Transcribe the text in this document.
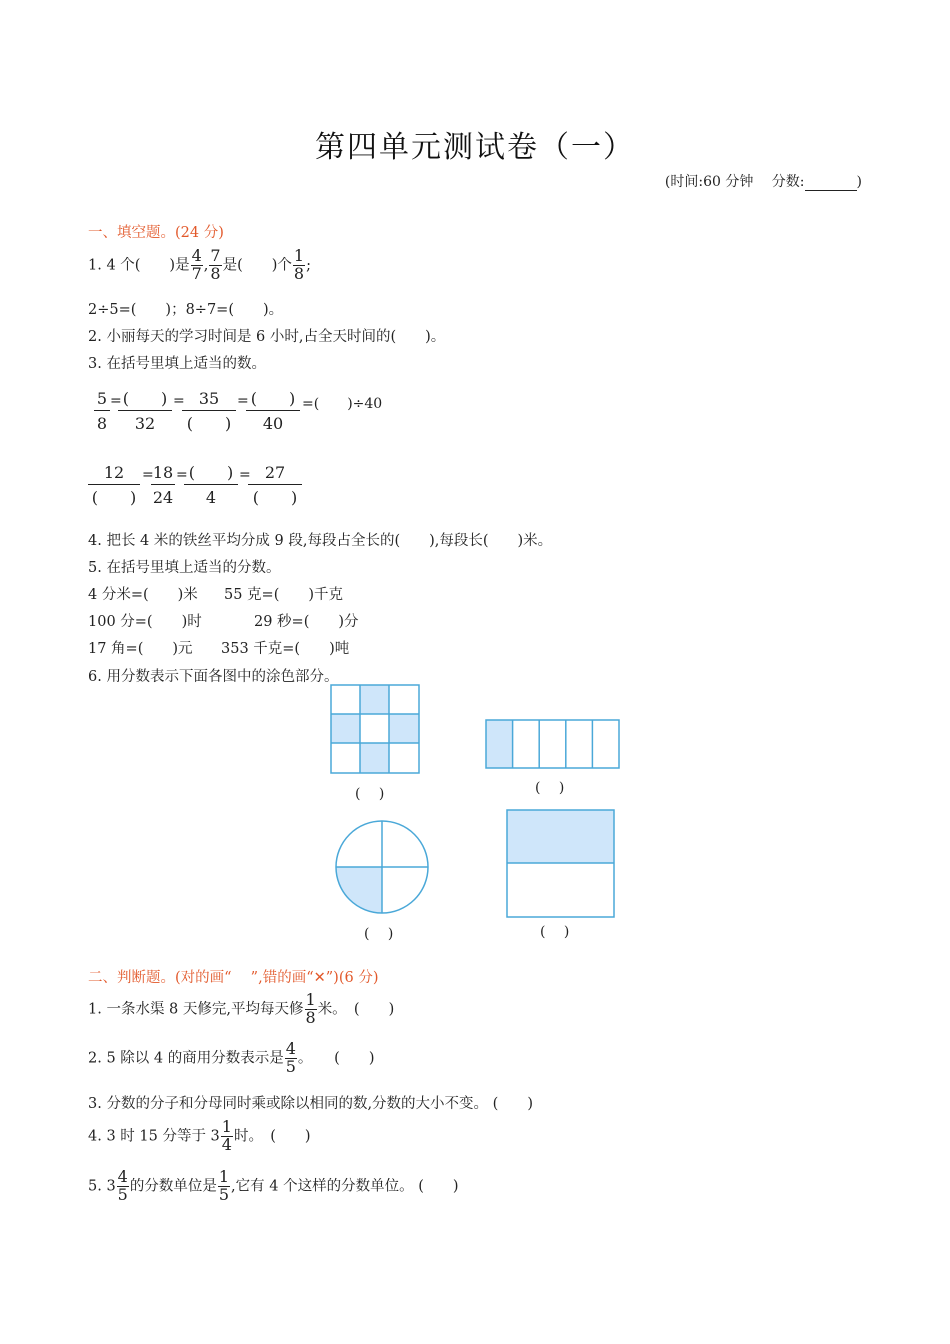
第四单元测试卷（一）
(时间:60 分钟　 分数:	)
一、填空题。(24 分)
1. 4 个(　　)是 $\frac{4}{7}$ , $\frac{7}{8}$ 是(　　)个 $\frac{1}{8}$ ;
2÷5=(　　)；8÷7=(　　)。
2. 小丽每天的学习时间是 6 小时,占全天时间的(　　)。
3. 在括号里填上适当的数。
$\frac{5}{8}$ = (　　)
32
= 35
(　　)
= (　　)
40
=(　　)÷40
12
(　　)
=
$\frac{18}{24}$ = (　　)
4
= 27
(　　)
4. 把长 4 米的铁丝平均分成 9 段,每段占全长的(　　),每段长(　　)米。
5. 在括号里填上适当的分数。
4 分米=(　　)米 55 克=(　　)千克
100 分=(　　)时	29 秒=(　　)分
17 角=(　　)元 353 千克=(　　)吨
6. 用分数表示下面各图中的涂色部分。
(　 )	(　 )
(　 )	(　 )
二、判断题。(对的画“　 ”,错的画“✕”)(6 分)
1. 一条水渠 8 天修完,平均每天修 $\frac{1}{8}$ 米。　(　　)
2. 5 除以 4 的商用分数表示是 $\frac{4}{5}$ 。　　(　　)
3. 分数的分子和分母同时乘或除以相同的数,分数的大小不变。 (　　)
4. 3 时 15 分等于 $3 \frac{1}{4}$ 时。　(　　)
5. $3 \frac{4}{5}$ 的分数单位是 $\frac{1}{5}$ ,它有 4 个这样的分数单位。 (　　)
